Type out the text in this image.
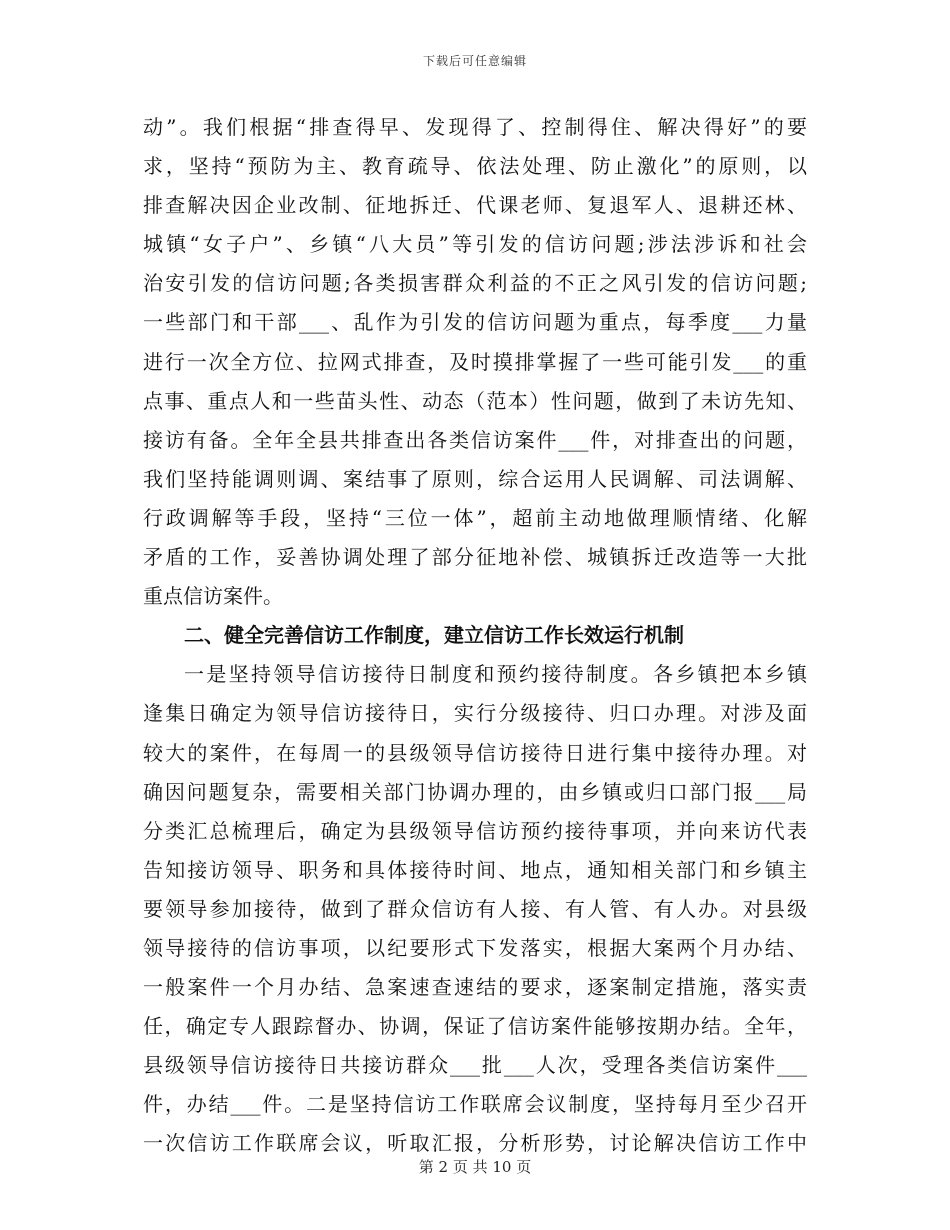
下载后可任意编辑
动”。我们根据“排查得早、发现得了、控制得住、解决得好”的要
求，坚持“预防为主、教育疏导、依法处理、防止激化”的原则，以
排查解决因企业改制、征地拆迁、代课老师、复退军人、退耕还林、
城镇“女子户”、乡镇“八大员”等引发的信访问题;涉法涉诉和社会
治安引发的信访问题;各类损害群众利益的不正之风引发的信访问题;
一些部门和干部___、乱作为引发的信访问题为重点，每季度___力量
进行一次全方位、拉网式排查，及时摸排掌握了一些可能引发___的重
点事、重点人和一些苗头性、动态（范本）性问题，做到了未访先知、
接访有备。全年全县共排查出各类信访案件___件，对排查出的问题，
我们坚持能调则调、案结事了原则，综合运用人民调解、司法调解、
行政调解等手段，坚持“三位一体”，超前主动地做理顺情绪、化解
矛盾的工作，妥善协调处理了部分征地补偿、城镇拆迁改造等一大批
重点信访案件。
二、健全完善信访工作制度，建立信访工作长效运行机制
一是坚持领导信访接待日制度和预约接待制度。各乡镇把本乡镇
逢集日确定为领导信访接待日，实行分级接待、归口办理。对涉及面
较大的案件，在每周一的县级领导信访接待日进行集中接待办理。对
确因问题复杂，需要相关部门协调办理的，由乡镇或归口部门报___局
分类汇总梳理后，确定为县级领导信访预约接待事项，并向来访代表
告知接访领导、职务和具体接待时间、地点，通知相关部门和乡镇主
要领导参加接待，做到了群众信访有人接、有人管、有人办。对县级
领导接待的信访事项，以纪要形式下发落实，根据大案两个月办结、
一般案件一个月办结、急案速查速结的要求，逐案制定措施，落实责
任，确定专人跟踪督办、协调，保证了信访案件能够按期办结。全年，
县级领导信访接待日共接访群众___批___人次，受理各类信访案件___
件，办结___件。二是坚持信访工作联席会议制度，坚持每月至少召开
一次信访工作联席会议，听取汇报，分析形势，讨论解决信访工作中
第 2 页 共 10 页
